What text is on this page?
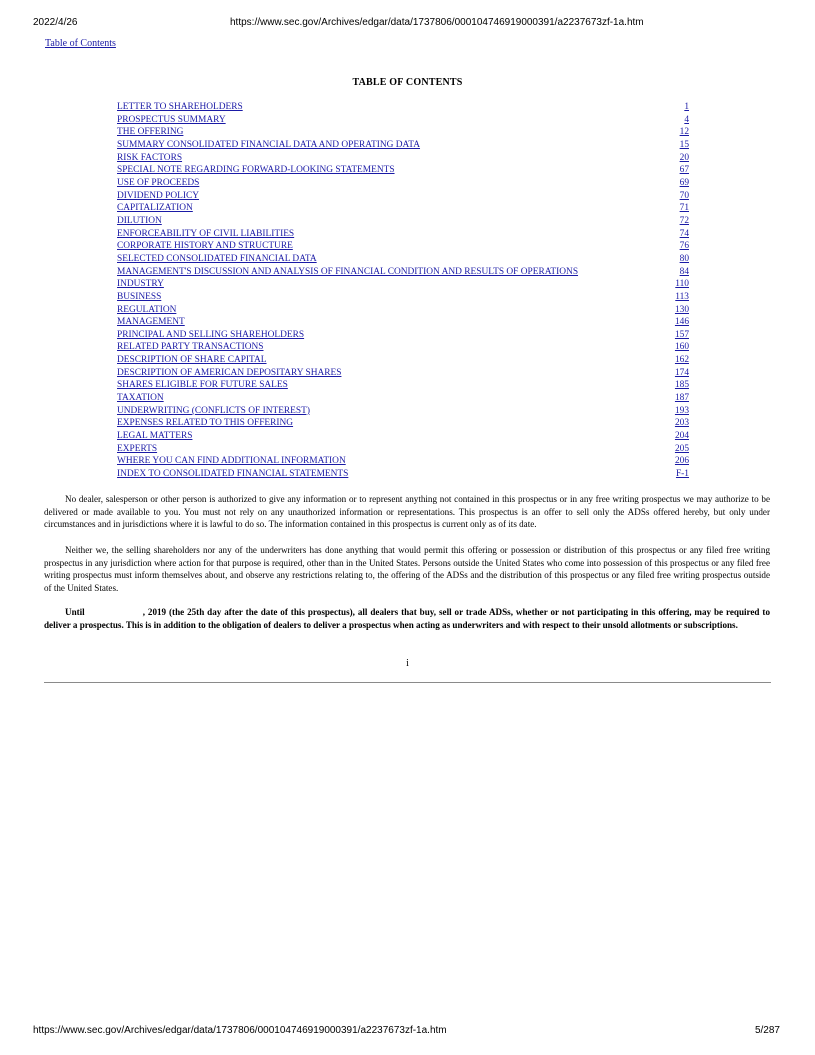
2022/4/26	https://www.sec.gov/Archives/edgar/data/1737806/000104746919000391/a2237673zf-1a.htm
Table of Contents
TABLE OF CONTENTS
LETTER TO SHAREHOLDERS	1
PROSPECTUS SUMMARY	4
THE OFFERING	12
SUMMARY CONSOLIDATED FINANCIAL DATA AND OPERATING DATA	15
RISK FACTORS	20
SPECIAL NOTE REGARDING FORWARD-LOOKING STATEMENTS	67
USE OF PROCEEDS	69
DIVIDEND POLICY	70
CAPITALIZATION	71
DILUTION	72
ENFORCEABILITY OF CIVIL LIABILITIES	74
CORPORATE HISTORY AND STRUCTURE	76
SELECTED CONSOLIDATED FINANCIAL DATA	80
MANAGEMENT'S DISCUSSION AND ANALYSIS OF FINANCIAL CONDITION AND RESULTS OF OPERATIONS	84
INDUSTRY	110
BUSINESS	113
REGULATION	130
MANAGEMENT	146
PRINCIPAL AND SELLING SHAREHOLDERS	157
RELATED PARTY TRANSACTIONS	160
DESCRIPTION OF SHARE CAPITAL	162
DESCRIPTION OF AMERICAN DEPOSITARY SHARES	174
SHARES ELIGIBLE FOR FUTURE SALES	185
TAXATION	187
UNDERWRITING (CONFLICTS OF INTEREST)	193
EXPENSES RELATED TO THIS OFFERING	203
LEGAL MATTERS	204
EXPERTS	205
WHERE YOU CAN FIND ADDITIONAL INFORMATION	206
INDEX TO CONSOLIDATED FINANCIAL STATEMENTS	F-1

No dealer, salesperson or other person is authorized to give any information or to represent anything not contained in this prospectus or in any free writing prospectus we may authorize to be delivered or made available to you. You must not rely on any unauthorized information or representations. This prospectus is an offer to sell only the ADSs offered hereby, but only under circumstances and in jurisdictions where it is lawful to do so. The information contained in this prospectus is current only as of its date.

Neither we, the selling shareholders nor any of the underwriters has done anything that would permit this offering or possession or distribution of this prospectus or any filed free writing prospectus in any jurisdiction where action for that purpose is required, other than in the United States. Persons outside the United States who come into possession of this prospectus or any filed free writing prospectus must inform themselves about, and observe any restrictions relating to, the offering of the ADSs and the distribution of this prospectus or any filed free writing prospectus outside of the United States.

Until	, 2019 (the 25th day after the date of this prospectus), all dealers that buy, sell or trade ADSs, whether or not participating in this offering, may be required to deliver a prospectus. This is in addition to the obligation of dealers to deliver a prospectus when acting as underwriters and with respect to their unsold allotments or subscriptions.

i
https://www.sec.gov/Archives/edgar/data/1737806/000104746919000391/a2237673zf-1a.htm	5/287
